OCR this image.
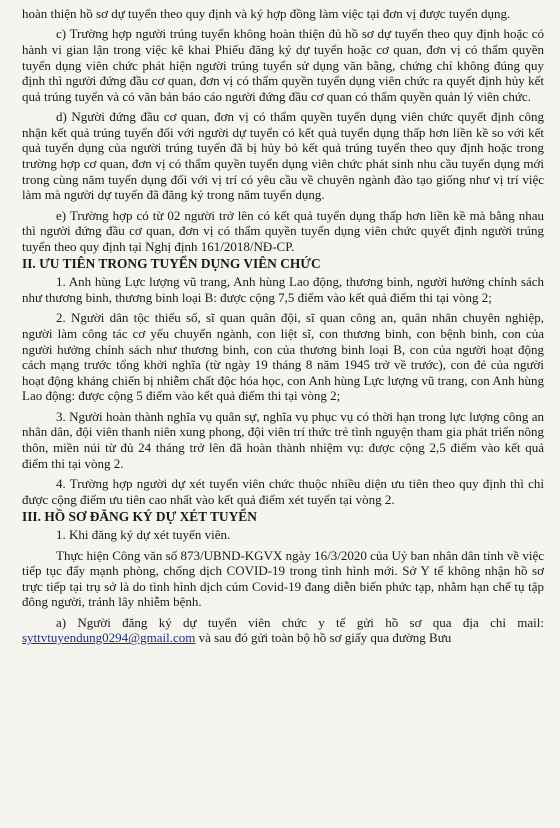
hoàn thiện hồ sơ dự tuyển theo quy định và ký hợp đồng làm việc tại đơn vị được tuyển dụng.

c) Trường hợp người trúng tuyển không hoàn thiện đủ hồ sơ dự tuyển theo quy định hoặc có hành vi gian lận trong việc kê khai Phiếu đăng ký dự tuyển hoặc cơ quan, đơn vị có thẩm quyền tuyển dụng viên chức phát hiện người trúng tuyển sử dụng văn bằng, chứng chỉ không đúng quy định thì người đứng đầu cơ quan, đơn vị có thẩm quyền tuyển dụng viên chức ra quyết định hủy kết quả trúng tuyển và có văn bản báo cáo người đứng đầu cơ quan có thẩm quyền quản lý viên chức.

d) Người đứng đầu cơ quan, đơn vị có thẩm quyền tuyển dụng viên chức quyết định công nhận kết quả trúng tuyển đối với người dự tuyển có kết quả tuyển dụng thấp hơn liền kề so với kết quả tuyển dụng của người trúng tuyển đã bị hủy bỏ kết quả trúng tuyển theo quy định hoặc trong trường hợp cơ quan, đơn vị có thẩm quyền tuyển dụng viên chức phát sinh nhu cầu tuyển dụng mới trong cùng năm tuyển dụng đối với vị trí có yêu cầu về chuyên ngành đào tạo giống như vị trí việc làm mà người dự tuyển đã đăng ký trong năm tuyển dụng.

e) Trường hợp có từ 02 người trở lên có kết quả tuyển dụng thấp hơn liền kề mà bằng nhau thì người đứng đầu cơ quan, đơn vị có thẩm quyền tuyển dụng viên chức quyết định người trúng tuyển theo quy định tại Nghị định 161/2018/NĐ-CP.

II. ƯU TIÊN TRONG TUYỂN DỤNG VIÊN CHỨC

1. Anh hùng Lực lượng vũ trang, Anh hùng Lao động, thương binh, người hưởng chính sách như thương binh, thương binh loại B: được cộng 7,5 điểm vào kết quả điểm thi tại vòng 2;

2. Người dân tộc thiểu số, sĩ quan quân đội, sĩ quan công an, quân nhân chuyên nghiệp, người làm công tác cơ yếu chuyển ngành, con liệt sĩ, con thương binh, con bệnh binh, con của người hưởng chính sách như thương binh, con của thương binh loại B, con của người hoạt động cách mạng trước tổng khởi nghĩa (từ ngày 19 tháng 8 năm 1945 trở về trước), con đẻ của người hoạt động kháng chiến bị nhiễm chất độc hóa học, con Anh hùng Lực lượng vũ trang, con Anh hùng Lao động: được cộng 5 điểm vào kết quả điểm thi tại vòng 2;

3. Người hoàn thành nghĩa vụ quân sự, nghĩa vụ phục vụ có thời hạn trong lực lượng công an nhân dân, đội viên thanh niên xung phong, đội viên trí thức trẻ tình nguyện tham gia phát triển nông thôn, miền núi từ đủ 24 tháng trở lên đã hoàn thành nhiệm vụ: được cộng 2,5 điểm vào kết quả điểm thi tại vòng 2.

4. Trường hợp người dự xét tuyển viên chức thuộc nhiều diện ưu tiên theo quy định thì chỉ được cộng điểm ưu tiên cao nhất vào kết quả điểm xét tuyển tại vòng 2.

III. HỒ SƠ ĐĂNG KÝ DỰ XÉT TUYỂN

1. Khi đăng ký dự xét tuyển viên.

Thực hiện Công văn số 873/UBND-KGVX ngày 16/3/2020 của Uỷ ban nhân dân tỉnh về việc tiếp tục đẩy mạnh phòng, chống dịch COVID-19 trong tình hình mới. Sở Y tế không nhận hồ sơ trực tiếp tại trụ sở là do tình hình dịch cúm Covid-19 đang diễn biến phức tạp, nhằm hạn chế tụ tập đông người, tránh lây nhiễm bệnh.

a) Người đăng ký dự tuyển viên chức y tế gửi hồ sơ qua địa chỉ mail: syttvtuyendung0294@gmail.com và sau đó gửi toàn bộ hồ sơ giấy qua đường Bưu
